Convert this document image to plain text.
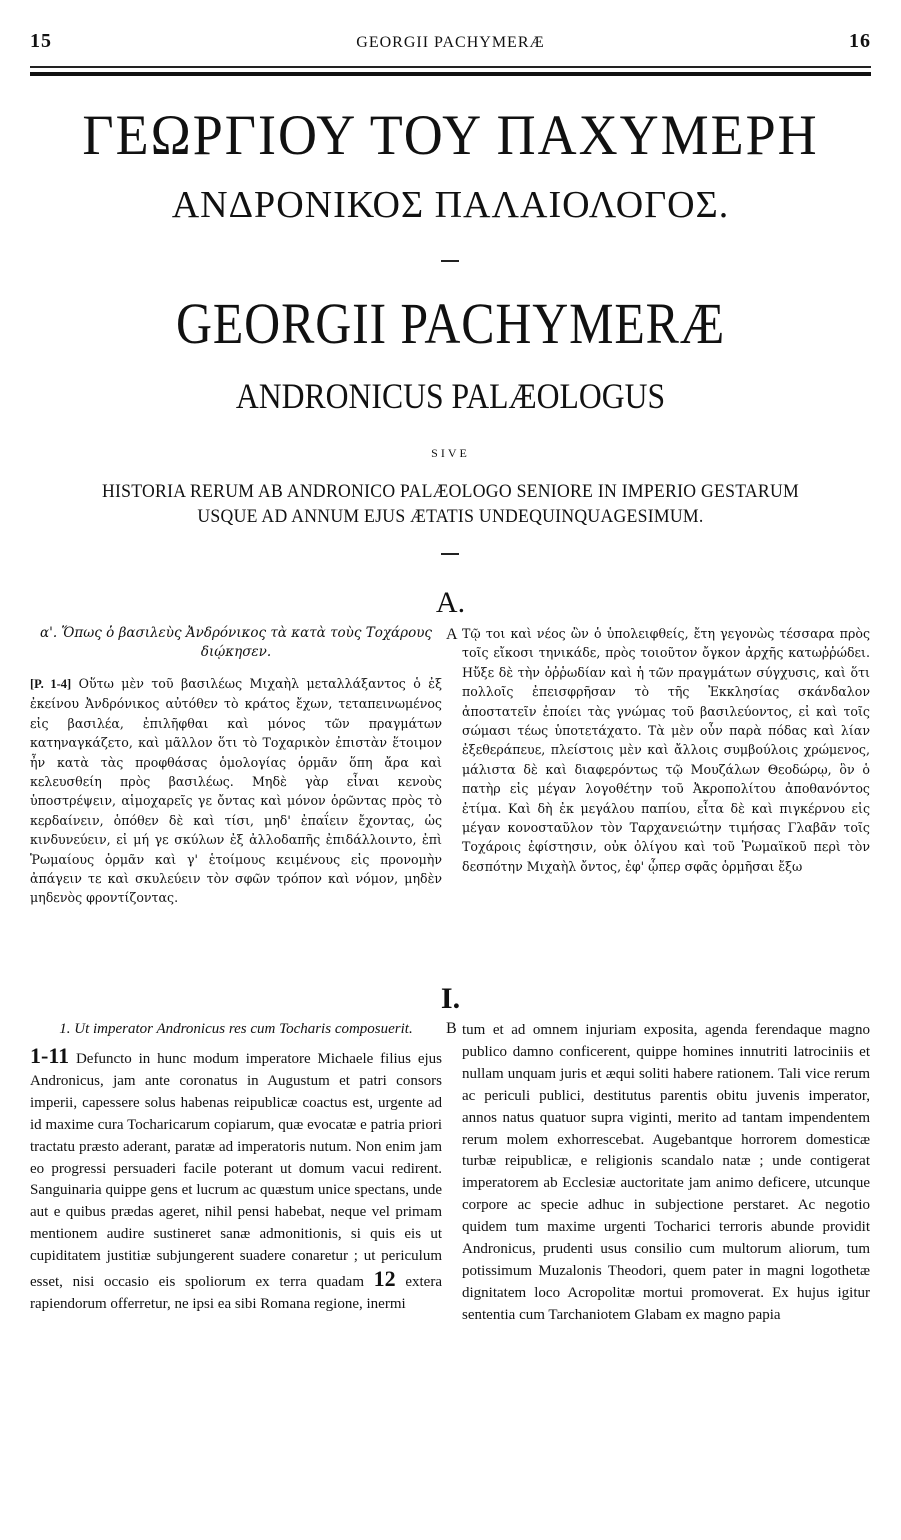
15	GEORGII PACHYMERÆ	16
ΓΕΩΡΓΙΟΥ ΤΟΥ ΠΑΧΥΜΕΡΗ
ΑΝΔΡΟΝΙΚΟΣ ΠΑΛΑΙΟΛΟΓΟΣ.
GEORGII PACHYMERÆ
ANDRONICUS PALÆOLOGUS
SIVE
HISTORIA RERUM AB ANDRONICO PALÆOLOGO SENIORE IN IMPERIO GESTARUM
USQUE AD ANNUM EJUS ÆTATIS UNDEQUINQUAGESIMUM.
A.

α'. Ὅπως ὁ βασιλεὺς Ἀνδρόνικος τὰ κατὰ τοὺς Τοχάρους διῴκησεν.

[P. 1-4] Οὕτω μὲν τοῦ βασιλέως Μιχαὴλ μεταλλάξαντος ὁ ἐξ ἐκείνου Ἀνδρόνικος αὐτόθεν τὸ κράτος ἔχων, τεταπεινωμένος εἰς βασιλέα, ἐπιλῆφθαι καὶ μόνος τῶν πραγμάτων κατηναγκάζετο, καὶ μᾶλλον ὅτι τὸ Τοχαρικὸν ἐπιστὰν ἕτοιμον ἦν κατὰ τὰς προφθάσας ὁμολογίας ὁρμᾶν ὅπη ἄρα καὶ κελευσθείη πρὸς βασιλέως. Μηδὲ γὰρ εἶναι κενοὺς ὑποστρέψειν, αἱμοχαρεῖς γε ὄντας καὶ μόνον ὁρῶντας πρὸς τὸ κερδαίνειν, ὁπόθεν δὲ καὶ τίσι, μηδ' ἐπαΐειν ἔχοντας, ὡς κινδυνεύειν, εἰ μή γε σκύλων ἐξ ἀλλοδαπῆς ἐπιδάλλοιντο, ἐπὶ Ῥωμαίους ὁρμᾶν καὶ γ' ἑτοίμους κειμένους εἰς προνομὴν ἀπάγειν τε καὶ σκυλεύειν τὸν σφῶν τρόπον καὶ νόμον, μηδὲν μηδενὸς φροντίζοντας.

A Τῷ τοι καὶ νέος ὢν ὁ ὑπολειφθείς, ἔτη γεγονὼς τέσσαρα πρὸς τοῖς εἴκοσι τηνικάδε, πρὸς τοιοῦτον ὄγκον ἀρχῆς κατωῤῥώδει. Ηὔξε δὲ τὴν ὀῤῥωδίαν καὶ ἡ τῶν πραγμάτων σύγχυσις, καὶ ὅτι πολλοῖς ἐπεισφρῆσαν τὸ τῆς Ἐκκλησίας σκάνδαλον ἀποστατεῖν ἐποίει τὰς γνώμας τοῦ βασιλεύοντος, εἰ καὶ τοῖς σώμασι τέως ὑποτετάχατο. Τὰ μὲν οὖν παρὰ πόδας καὶ λίαν ἐξεθεράπευε, πλείστοις μὲν καὶ ἄλλοις συμβούλοις χρώμενος, μάλιστα δὲ καὶ διαφερόντως τῷ Μουζάλων Θεοδώρῳ, ὃν ὁ πατὴρ εἰς μέγαν λογοθέτην τοῦ Ἀκροπολίτου ἀποθανόντος ἐτίμα. Καὶ δὴ ἐκ μεγάλου παπίου, εἶτα δὲ καὶ πιγκέρνου εἰς μέγαν κονοσταῦλον τὸν Ταρχανειώτην τιμήσας Γλαβᾶν τοῖς Τοχάροις ἐφίστησιν, οὐκ ὀλίγου καὶ τοῦ Ῥωμαϊκοῦ περὶ τὸν δεσπότην Μιχαὴλ ὄντος, ἐφ' ᾧπερ σφᾶς ὁρμῆσαι ἔξω

I.

1. Ut imperator Andronicus res cum Tocharis composuerit.

1-11 Defuncto in hunc modum imperatore Michaele filius ejus Andronicus, jam ante coronatus in Augustum et patri consors imperii, capessere solus habenas reipublicæ coactus est, urgente ad id maxime cura Tocharicarum copiarum, quæ evocatæ e patria priori tractatu præsto aderant, paratæ ad imperatoris nutum. Non enim jam eo progressi persuaderi facile poterant ut domum vacui redirent. Sanguinaria quippe gens et lucrum ac quæstum unice spectans, unde aut e quibus prædas ageret, nihil pensi habebat, neque vel primam mentionem audire sustineret sanæ admonitionis, si quis eis ut cupiditatem justitiæ subjungerent suadere conaretur ; ut periculum esset, nisi occasio eis spoliorum ex terra quadam 12 extera rapiendorum offerretur, ne ipsi ea sibi Romana regione, inermi

B tum et ad omnem injuriam exposita, agenda ferendaque magno publico damno conficerent, quippe homines innutriti latrociniis et nullam unquam juris et æqui soliti habere rationem. Tali vice rerum ac periculi publici, destitutus parentis obitu juvenis imperator, annos natus quatuor supra viginti, merito ad tantam impendentem rerum molem exhorrescebat. Augebantque horrorem domesticæ turbæ reipublicæ, e religionis scandalo natæ ; unde contigerat imperatorem ab Ecclesiæ auctoritate jam animo deficere, utcunque corpore ac specie adhuc in subjectione perstaret. Ac negotio quidem tum maxime urgenti Tocharici terroris abunde providit Andronicus, prudenti usus consilio cum multorum aliorum, tum potissimum Muzalonis Theodori, quem pater in magni logothetæ dignitatem loco Acropolitæ mortui promoverat. Ex hujus igitur sententia cum Tarchaniotem Glabam ex magno papia
